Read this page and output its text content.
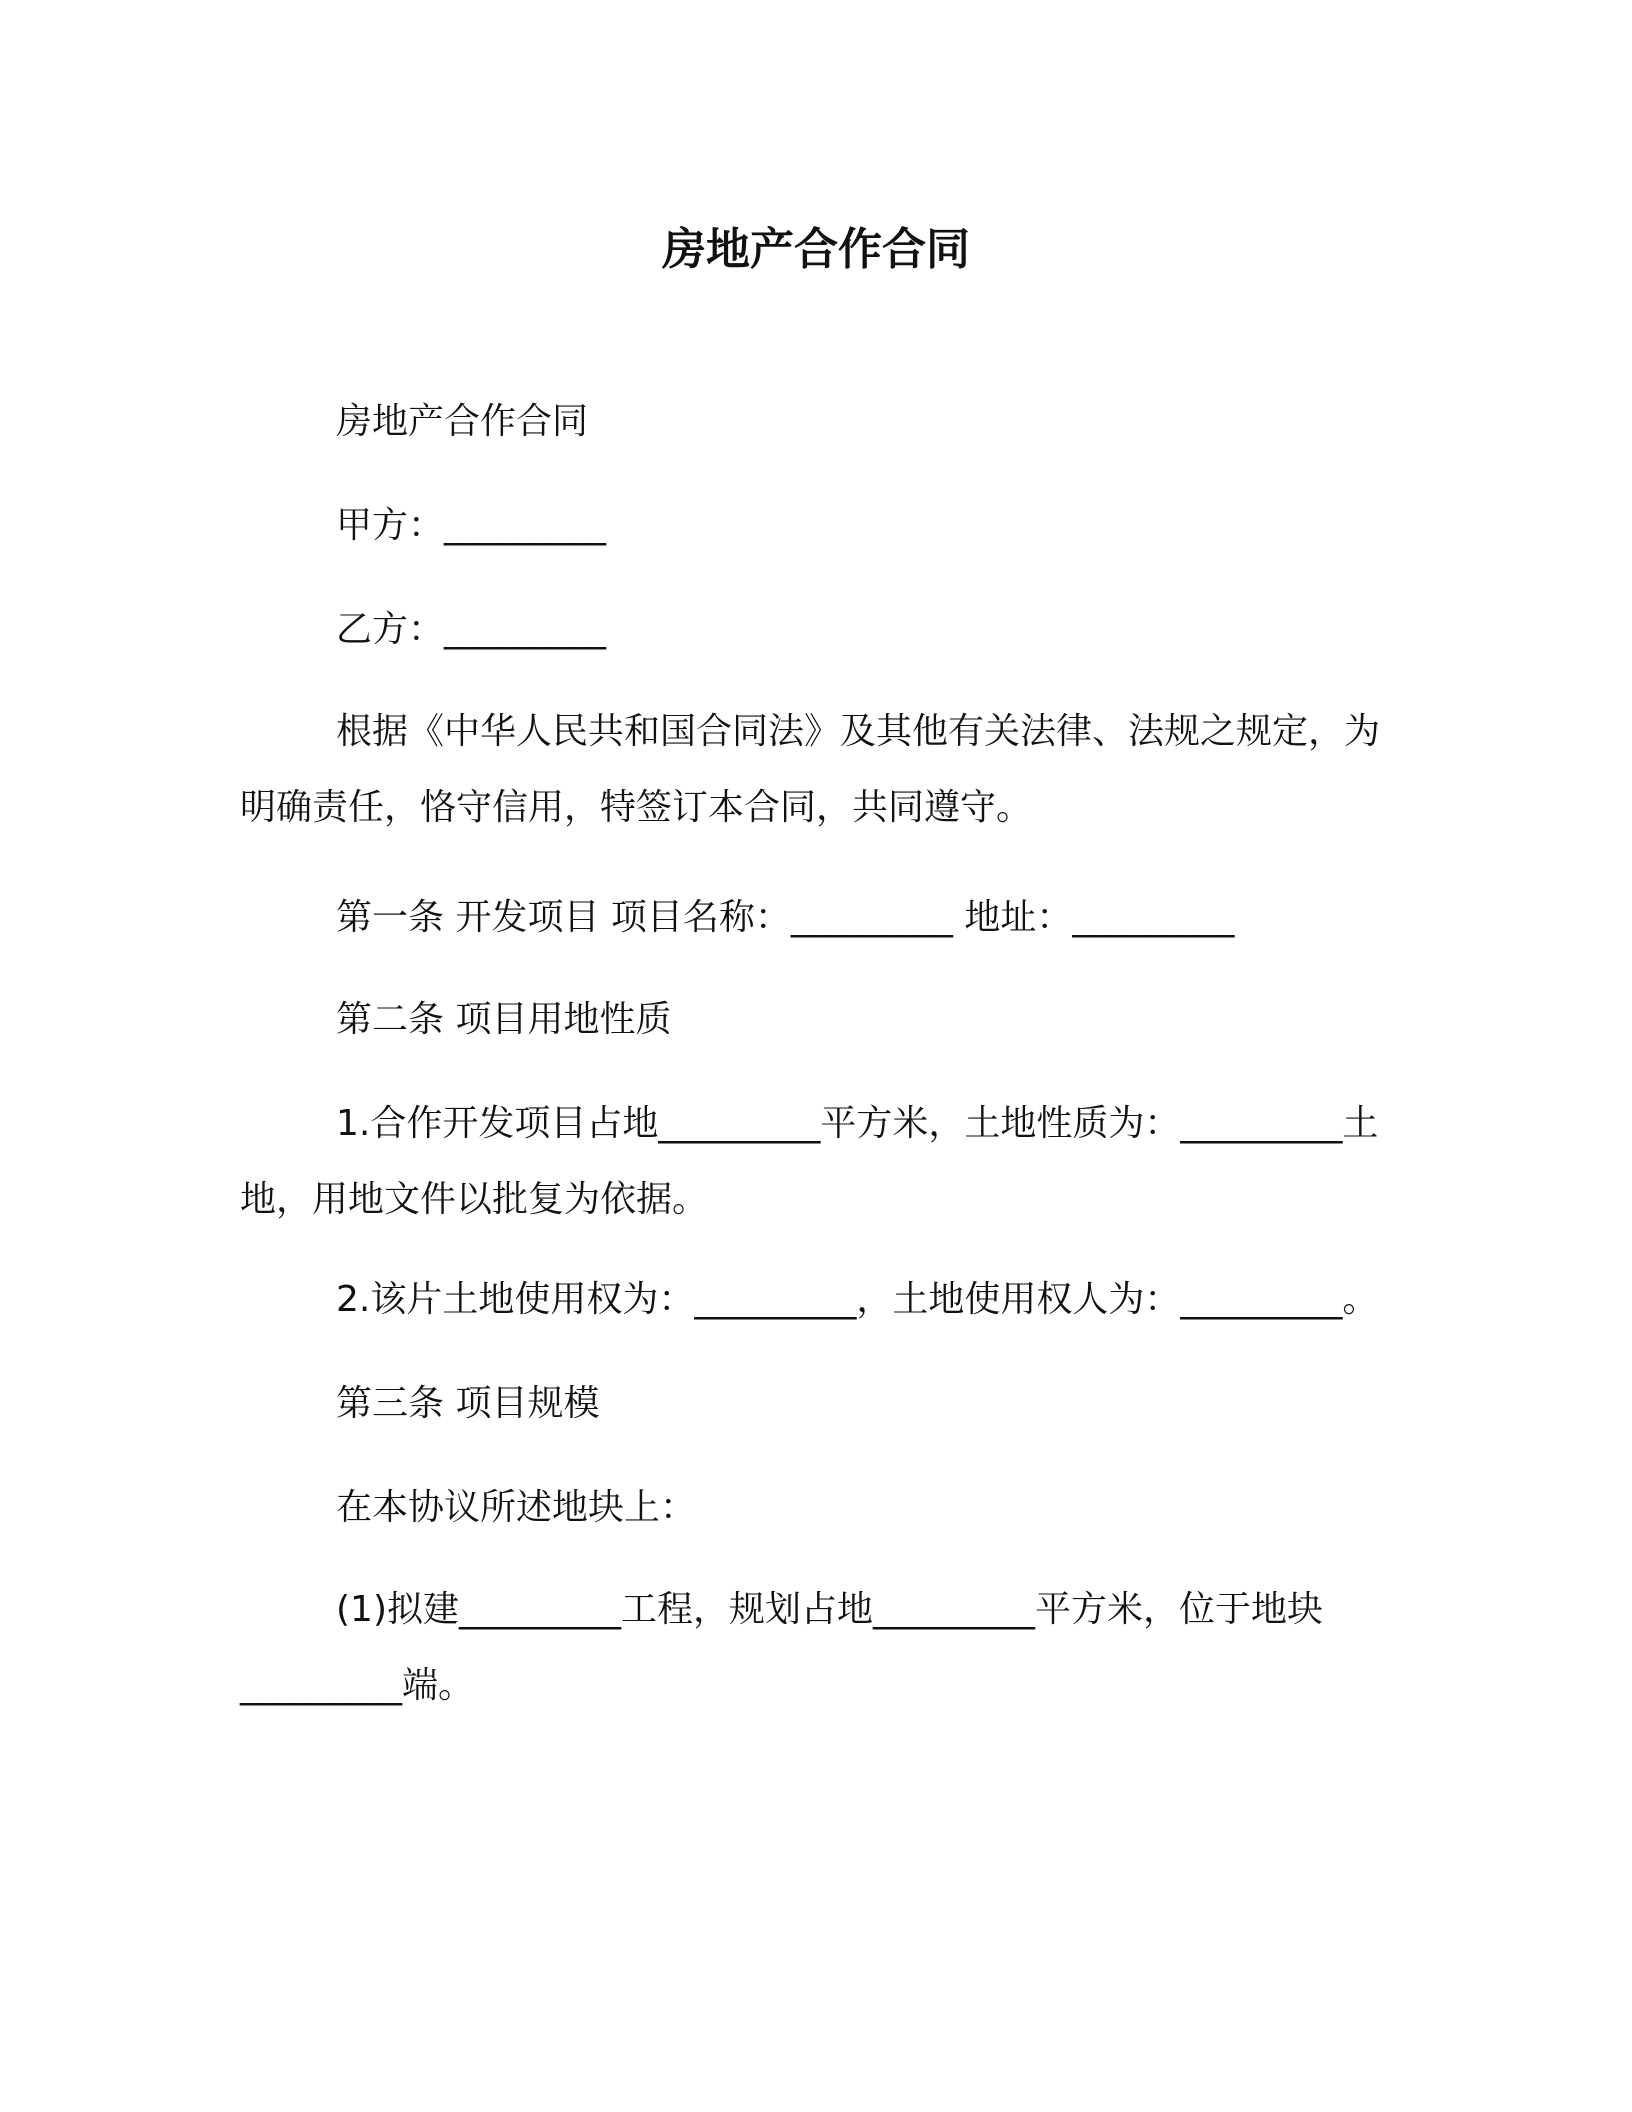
房地产合作合同

房地产合作合同

甲方：_________

乙方：_________

根据《中华人民共和国合同法》及其他有关法律、法规之规定，为明确责任，恪守信用，特签订本合同，共同遵守。

第一条 开发项目 项目名称：_________ 地址：_________

第二条 项目用地性质

1.合作开发项目占地_________平方米，土地性质为：_________土地，用地文件以批复为依据。

2.该片土地使用权为：_________，土地使用权人为：_________。

第三条 项目规模

在本协议所述地块上：

(1)拟建_________工程，规划占地_________平方米，位于地块_________端。
